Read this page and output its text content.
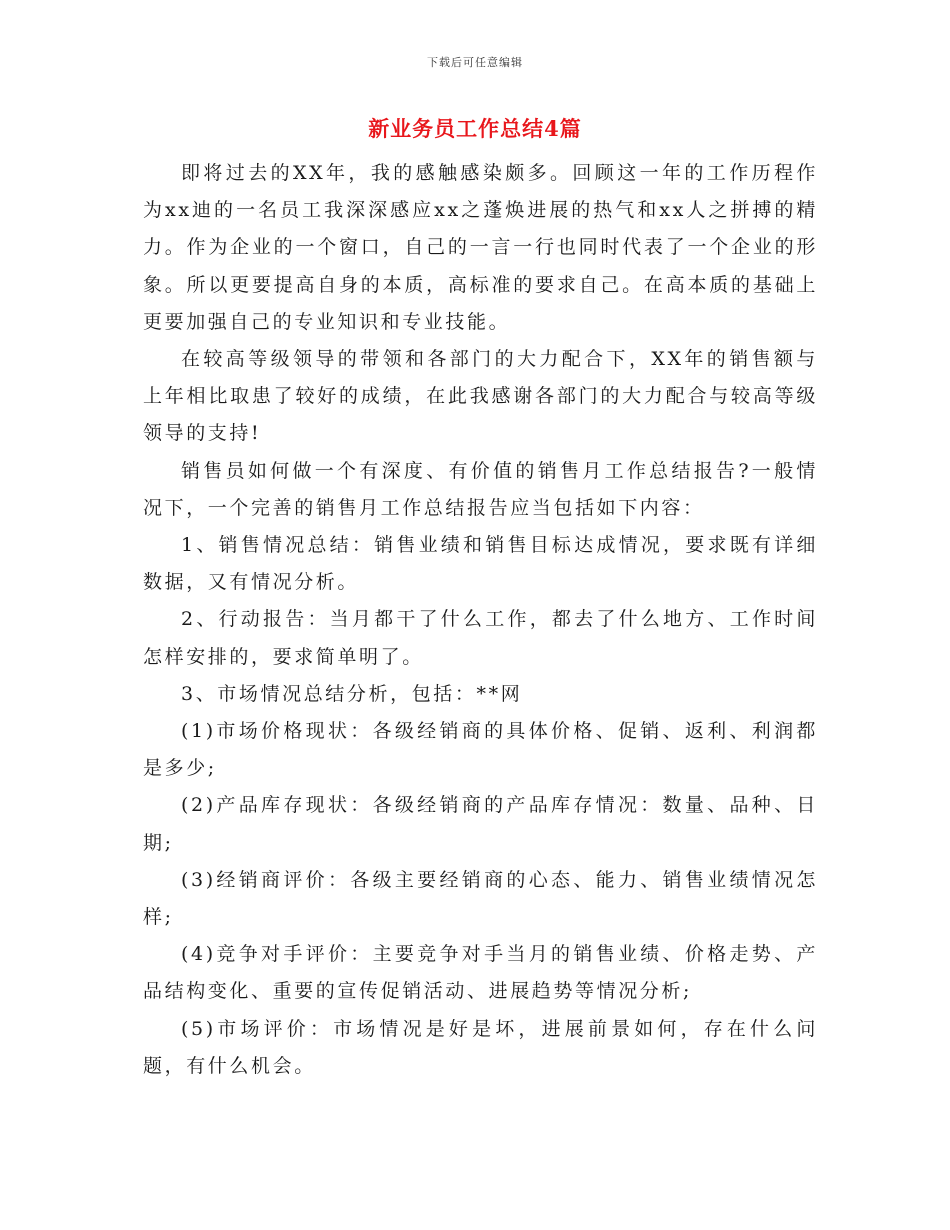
下载后可任意编辑
新业务员工作总结4篇

即将过去的XX年，我的感触感染颇多。回顾这一年的工作历程作为xx迪的一名员工我深深感应xx之蓬焕进展的热气和xx人之拼搏的精力。作为企业的一个窗口，自己的一言一行也同时代表了一个企业的形象。所以更要提高自身的本质，高标准的要求自己。在高本质的基础上更要加强自己的专业知识和专业技能。

在较高等级领导的带领和各部门的大力配合下，XX年的销售额与上年相比取患了较好的成绩，在此我感谢各部门的大力配合与较高等级领导的支持!

销售员如何做一个有深度、有价值的销售月工作总结报告?一般情况下，一个完善的销售月工作总结报告应当包括如下内容：

1、销售情况总结：销售业绩和销售目标达成情况，要求既有详细数据，又有情况分析。

2、行动报告：当月都干了什么工作，都去了什么地方、工作时间怎样安排的，要求简单明了。

3、市场情况总结分析，包括：**网

(1)市场价格现状：各级经销商的具体价格、促销、返利、利润都是多少;

(2)产品库存现状：各级经销商的产品库存情况：数量、品种、日期;

(3)经销商评价：各级主要经销商的心态、能力、销售业绩情况怎样;

(4)竞争对手评价：主要竞争对手当月的销售业绩、价格走势、产品结构变化、重要的宣传促销活动、进展趋势等情况分析;

(5)市场评价：市场情况是好是坏，进展前景如何，存在什么问题，有什么机会。
